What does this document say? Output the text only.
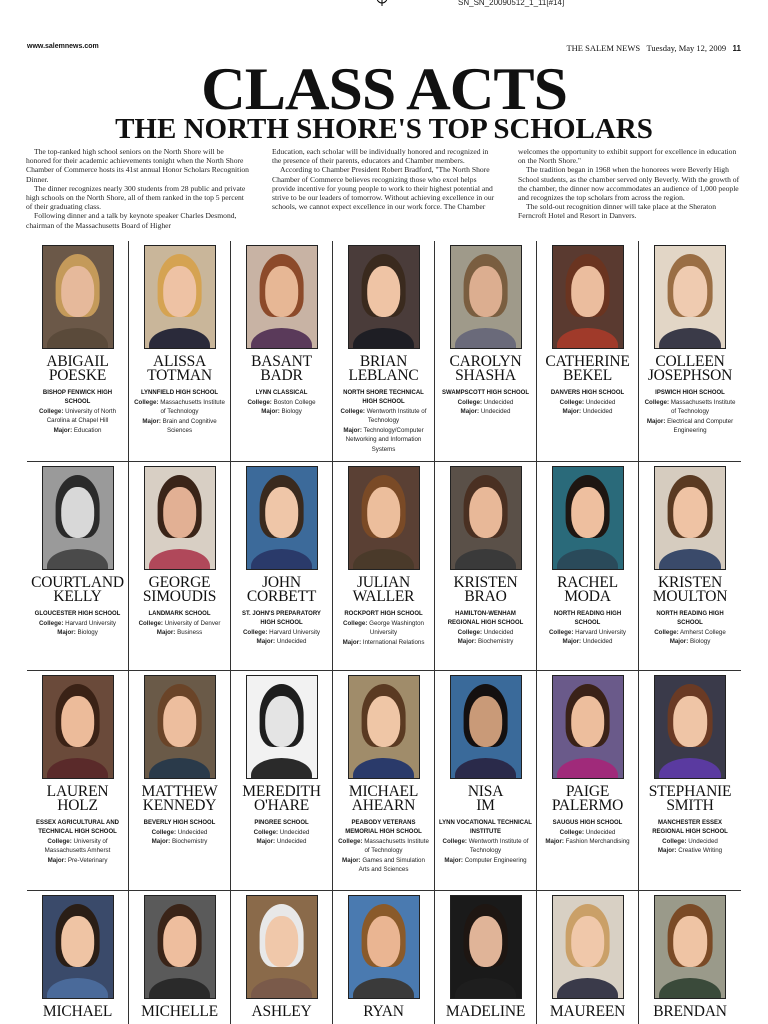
SN_SN_20090512_1_11[#14]
www.salemnews.com	THE SALEM NEWS Tuesday, May 12, 2009 11
CLASS ACTS
THE NORTH SHORE'S TOP SCHOLARS

The top-ranked high school seniors on the North Shore will be honored for their academic achievements tonight when the North Shore Chamber of Commerce hosts its 41st annual Honor Scholars Recognition Dinner.

The dinner recognizes nearly 300 students from 28 public and private high schools on the North Shore, all of them ranked in the top 5 percent of their graduating class.

Following dinner and a talk by keynote speaker Charles Desmond, chairman of the Massachusetts Board of Higher

Education, each scholar will be individually honored and recognized in the presence of their parents, educators and Chamber members.

According to Chamber President Robert Bradford, "The North Shore Chamber of Commerce believes recognizing those who excel helps provide incentive for young people to work to their highest potential and strive to be our leaders of tomorrow. Without achieving excellence in our schools, we cannot expect excellence in our work force. The Chamber

welcomes the opportunity to exhibit support for excellence in education on the North Shore."

The tradition began in 1968 when the honorees were Beverly High School students, as the chamber served only Beverly. With the growth of the chamber, the dinner now accommodates an audience of 1,000 people and recognizes the top scholars from across the region.

The sold-out recognition dinner will take place at the Sheraton Ferncroft Hotel and Resort in Danvers.

ABIGAIL
POESKE
BISHOP FENWICK HIGH SCHOOL
College: University of North Carolina at Chapel Hill
Major: Education
ALISSA
TOTMAN
LYNNFIELD HIGH SCHOOL
College: Massachusetts Institute of Technology
Major: Brain and Cognitive Sciences
BASANT
BADR
LYNN CLASSICAL
College: Boston College
Major: Biology
BRIAN
LEBLANC
NORTH SHORE TECHNICAL HIGH SCHOOL
College: Wentworth Institute of Technology
Major: Technology/Computer Networking and Information Systems
CAROLYN
SHASHA
SWAMPSCOTT HIGH SCHOOL
College: Undecided
Major: Undecided
CATHERINE
BEKEL
DANVERS HIGH SCHOOL
College: Undecided
Major: Undecided
COLLEEN
JOSEPHSON
IPSWICH HIGH SCHOOL
College: Massachusetts Institute of Technology
Major: Electrical and Computer Engineering
COURTLAND
KELLY
GLOUCESTER HIGH SCHOOL
College: Harvard University
Major: Biology
GEORGE
SIMOUDIS
LANDMARK SCHOOL
College: University of Denver
Major: Business
JOHN
CORBETT
ST. JOHN'S PREPARATORY HIGH SCHOOL
College: Harvard University
Major: Undecided
JULIAN
WALLER
ROCKPORT HIGH SCHOOL
College: George Washington University
Major: International Relations
KRISTEN
BRAO
HAMILTON-WENHAM REGIONAL HIGH SCHOOL
College: Undecided
Major: Biochemistry
RACHEL
MODA
NORTH READING HIGH SCHOOL
College: Harvard University
Major: Undecided
KRISTEN
MOULTON
NORTH READING HIGH SCHOOL
College: Amherst College
Major: Biology
LAUREN
HOLZ
ESSEX AGRICULTURAL AND TECHNICAL HIGH SCHOOL
College: University of Massachusetts Amherst
Major: Pre-Veterinary
MATTHEW
KENNEDY
BEVERLY HIGH SCHOOL
College: Undecided
Major: Biochemistry
MEREDITH
O'HARE
PINGREE SCHOOL
College: Undecided
Major: Undecided
MICHAEL
AHEARN
PEABODY VETERANS MEMORIAL HIGH SCHOOL
College: Massachusetts Institute of Technology
Major: Games and Simulation Arts and Sciences
NISA
IM
LYNN VOCATIONAL TECHNICAL INSTITUTE
College: Wentworth Institute of Technology
Major: Computer Engineering
PAIGE
PALERMO
SAUGUS HIGH SCHOOL
College: Undecided
Major: Fashion Merchandising
STEPHANIE
SMITH
MANCHESTER ESSEX REGIONAL HIGH SCHOOL
College: Undecided
Major: Creative Writing
MICHAEL	MICHELLE	ASHLEY	RYAN	MADELINE	MAUREEN	BRENDAN
